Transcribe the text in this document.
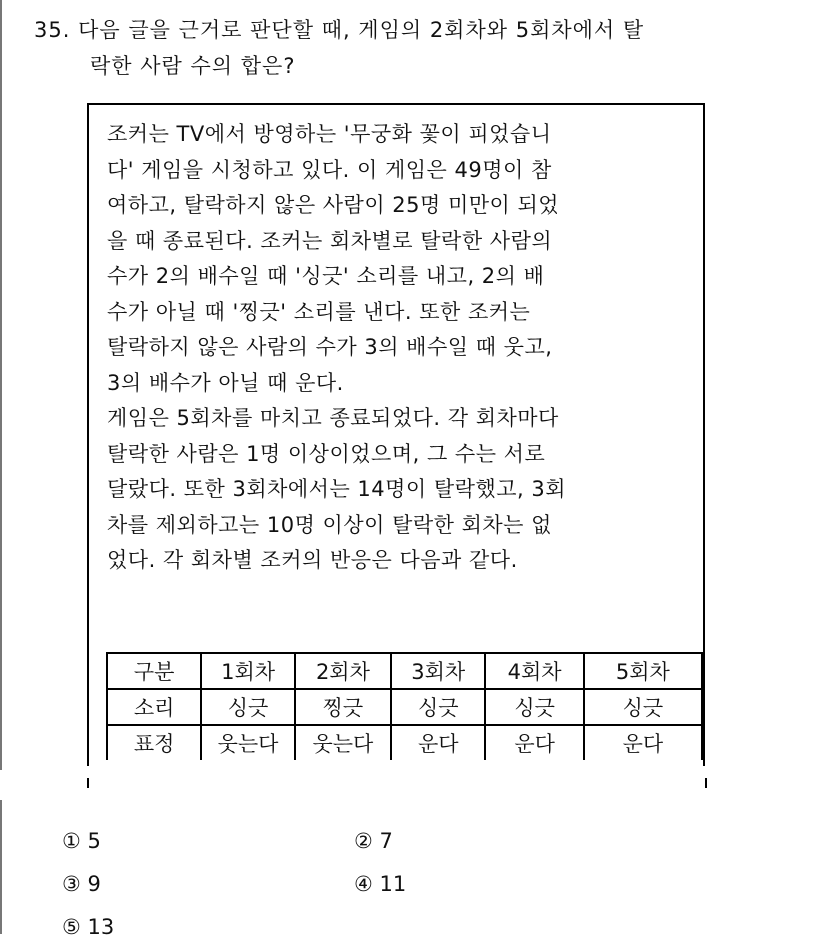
35. 다음 글을 근거로 판단할 때, 게임의 2회차와 5회차에서 탈
락한 사람 수의 합은?
조커는 TV에서 방영하는 '무궁화 꽃이 피었습니
다' 게임을 시청하고 있다. 이 게임은 49명이 참
여하고, 탈락하지 않은 사람이 25명 미만이 되었
을 때 종료된다. 조커는 회차별로 탈락한 사람의
수가 2의 배수일 때 '싱긋' 소리를 내고, 2의 배
수가 아닐 때 '찡긋' 소리를 낸다. 또한 조커는
탈락하지 않은 사람의 수가 3의 배수일 때 웃고,
3의 배수가 아닐 때 운다.
게임은 5회차를 마치고 종료되었다. 각 회차마다
탈락한 사람은 1명 이상이었으며, 그 수는 서로
달랐다. 또한 3회차에서는 14명이 탈락했고, 3회
차를 제외하고는 10명 이상이 탈락한 회차는 없
었다. 각 회차별 조커의 반응은 다음과 같다.
구분	1회차	2회차	3회차	4회차	5회차
소리	싱긋	찡긋	싱긋	싱긋	싱긋
표정	웃는다	웃는다	운다	운다	운다
① 5	② 7
③ 9	④ 11
⑤ 13
